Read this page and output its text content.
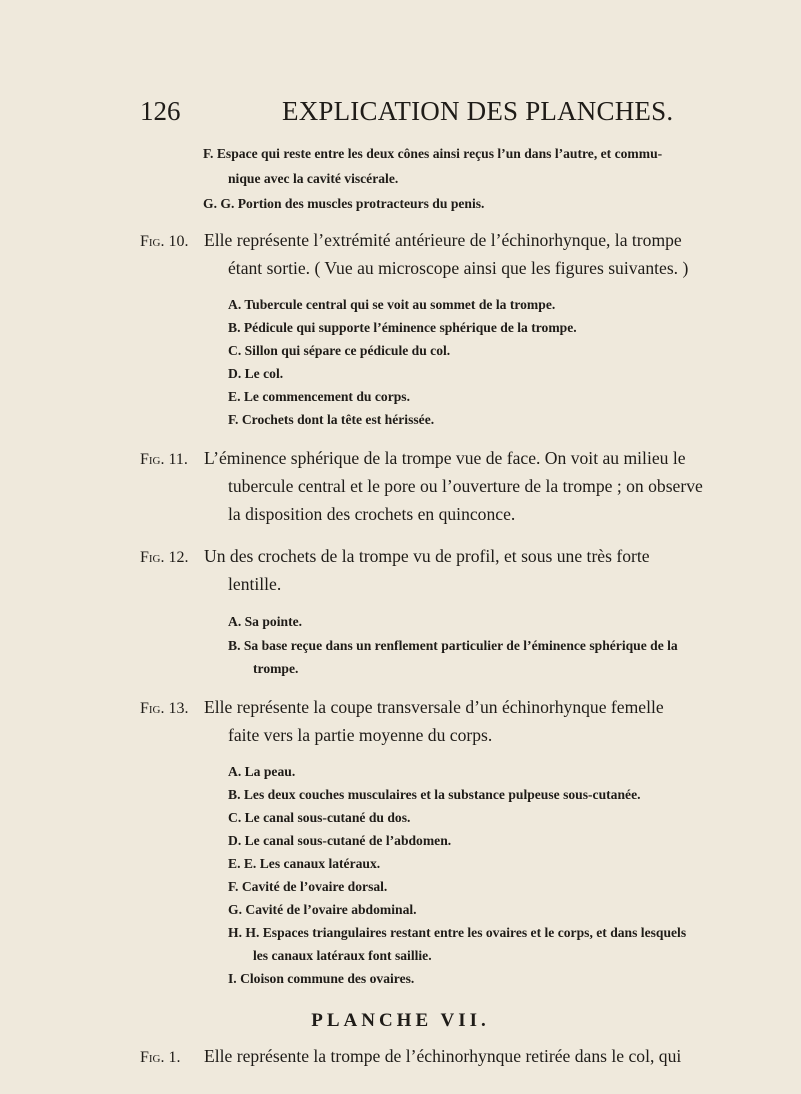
126	EXPLICATION DES PLANCHES.
F. Espace qui reste entre les deux cônes ainsi reçus l’un dans l’autre, et commu-
nique avec la cavité viscérale.
G. G. Portion des muscles protracteurs du penis.
Fig. 10. Elle représente l’extrémité antérieure de l’échinorhynque, la trompe
étant sortie. ( Vue au microscope ainsi que les figures suivantes. )
A. Tubercule central qui se voit au sommet de la trompe.
B. Pédicule qui supporte l’éminence sphérique de la trompe.
C. Sillon qui sépare ce pédicule du col.
D. Le col.
E. Le commencement du corps.
F. Crochets dont la tête est hérissée.
Fig. 11. L’éminence sphérique de la trompe vue de face. On voit au milieu le
tubercule central et le pore ou l’ouverture de la trompe ; on observe
la disposition des crochets en quinconce.
Fig. 12. Un des crochets de la trompe vu de profil, et sous une très forte
lentille.
A. Sa pointe.
B. Sa base reçue dans un renflement particulier de l’éminence sphérique de la
trompe.
Fig. 13. Elle représente la coupe transversale d’un échinorhynque femelle
faite vers la partie moyenne du corps.
A. La peau.
B. Les deux couches musculaires et la substance pulpeuse sous-cutanée.
C. Le canal sous-cutané du dos.
D. Le canal sous-cutané de l’abdomen.
E. E. Les canaux latéraux.
F. Cavité de l’ovaire dorsal.
G. Cavité de l’ovaire abdominal.
H. H. Espaces triangulaires restant entre les ovaires et le corps, et dans lesquels
les canaux latéraux font saillie.
I. Cloison commune des ovaires.
PLANCHE VII.
Fig. 1. Elle représente la trompe de l’échinorhynque retirée dans le col, qui
